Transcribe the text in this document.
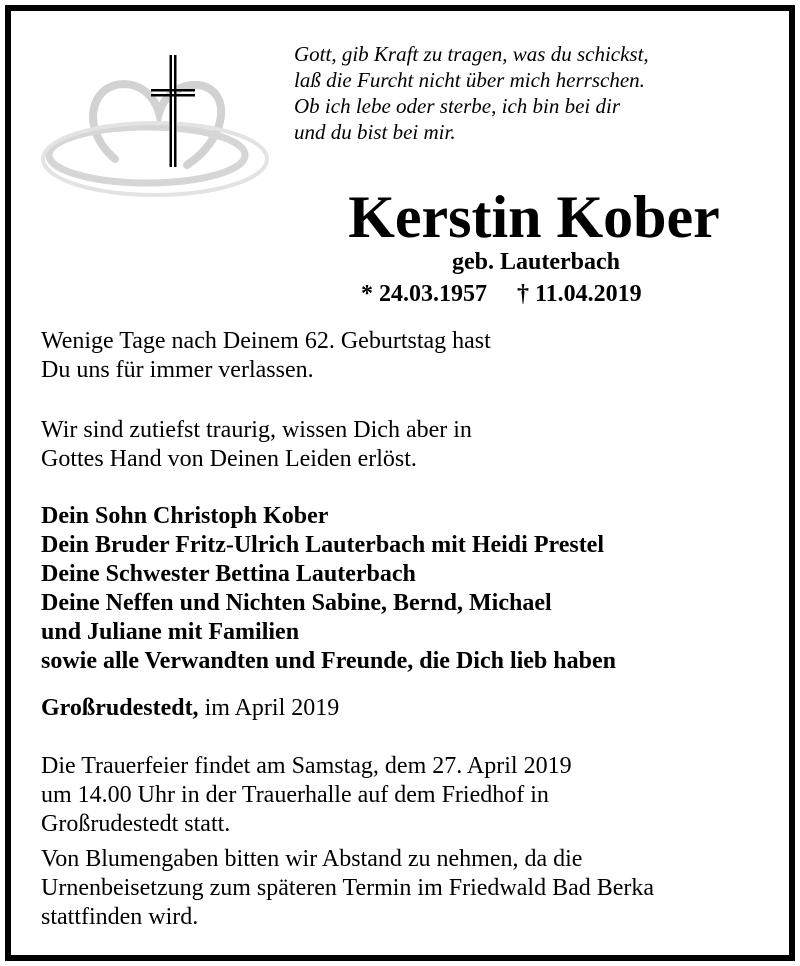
Gott, gib Kraft zu tragen, was du schickst,
laß die Furcht nicht über mich herrschen.
Ob ich lebe oder sterbe, ich bin bei dir
und du bist bei mir.
Kerstin Kober
geb. Lauterbach
* 24.03.1957 † 11.04.2019
Wenige Tage nach Deinem 62. Geburtstag hast
Du uns für immer verlassen.
Wir sind zutiefst traurig, wissen Dich aber in
Gottes Hand von Deinen Leiden erlöst.
Dein Sohn Christoph Kober
Dein Bruder Fritz-Ulrich Lauterbach mit Heidi Prestel
Deine Schwester Bettina Lauterbach
Deine Neffen und Nichten Sabine, Bernd, Michael
und Juliane mit Familien
sowie alle Verwandten und Freunde, die Dich lieb haben
Großrudestedt, im April 2019
Die Trauerfeier findet am Samstag, dem 27. April 2019
um 14.00 Uhr in der Trauerhalle auf dem Friedhof in
Großrudestedt statt.
Von Blumengaben bitten wir Abstand zu nehmen, da die
Urnenbeisetzung zum späteren Termin im Friedwald Bad Berka
stattfinden wird.
